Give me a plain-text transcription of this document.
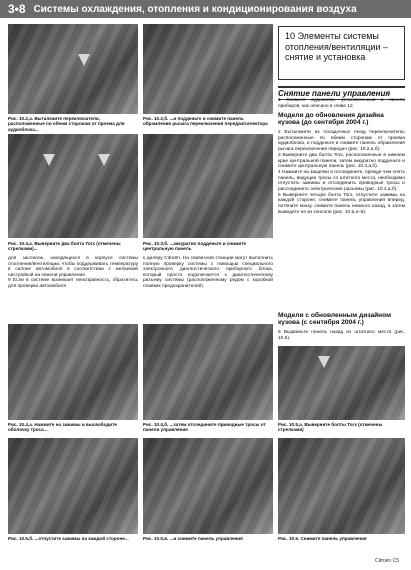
3•8 Системы охлаждения, отопления и кондиционирования воздуха
Рис. 10.2,а. Выталкните переключатели, расположенные по обеим сторонам от проема для аудиоблока...
Рис. 10.2,б. ...и подденьте и снимите панель обрамления рычага переключения передач/селектора
10 Элементы системы отопления/вентиляции – снятие и установка
Снятие панели управления
1 Снимите аудиоблок, установленный в панели приборов, как описано в главе 12.
Модели до обновления дизайна кузова (до сентября 2004 г.)
2 Выталкните из посадочных гнезд переключатели, расположенные по обеим сторонам от проема аудиоблока, и подденьте и снимите панель обрамления рычага переключения передач (рис. 10.2,а,б).
3 Выверните два болта Torx, расположенные в нижнем крае центральной панели, затем аккуратно подденьте и снимите центральную панель (рис. 10.3,а,б).
4 Нажмите на защелки и отсоедините, прежде чем снять панель, ведущие тросы со штатного места, необходимо отпустить зажимы и отсоединить приводные тросы и рассоединить электрические разъемы (рис. 10.4,а,б).
5 Выверните четыре болта Torx, отпустите зажимы на каждой стороне, снимите панель управления вперед, потяните книзу, снимите панель немного назад, а затем выведите ее из консоли (рис. 10.5,а–в).
Модели с обновленным дизайном кузова (с сентября 2004 г.)
6 Выдвиньте панель назад из штатного места (рис. 10.6).
Рис. 10.3,а. Выверните два болта Torx (отмечены стрелками)...
Рис. 10.3,б. ...аккуратно подденьте и снимите центральную панель
для заслонок, находящихся в корпусе системы отопления/вентиляции, чтобы поддерживать температуру в салоне автомобиля в соответствии с желаемой настройкой на панели управления.
9 Если в системе возникает неисправность, обратитесь для проверки автомобиля
к дилеру Citroën. На сервисной станции могут выполнить полную проверку системы с помощью специального электронного диагностического приборного блока, который просто подключается к диагностическому разъему системы (расположенному рядом с коробкой плавких предохранителей).
Рис. 10.4,а. Нажмите на зажимы и высвободите оболочку троса...
Рис. 10.4,б. ...затем отсоедините приводные тросы от панели управления
Рис. 10.5,а. Выверните болты Torx (отмечены стрелками)
Рис. 10.5,б. ...отпустите зажимы на каждой стороне...	Рис. 10.5,в. ...и снимите панель управления	Рис. 10.6. Снимите панель управления
Citroën C5
